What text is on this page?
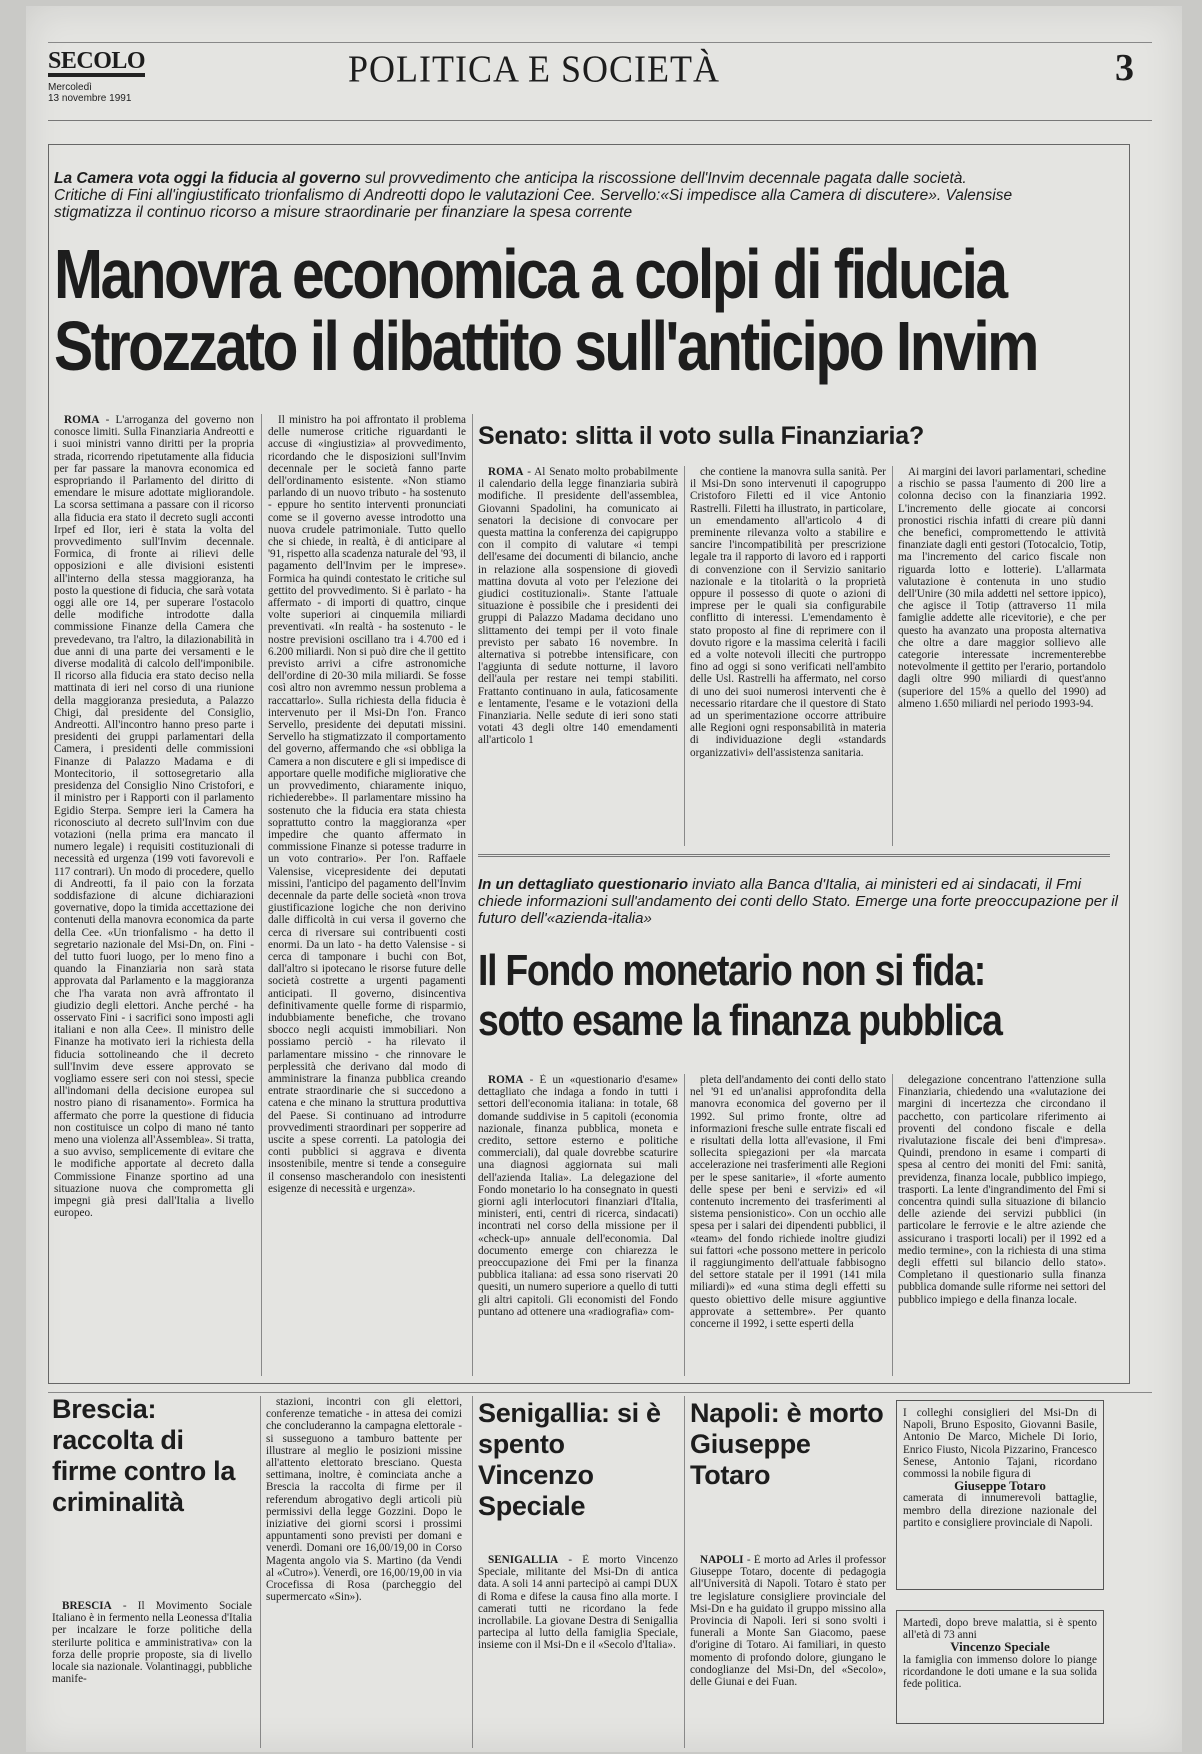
SECOLO
Mercoledì
13 novembre 1991
POLITICA E SOCIETÀ	3
La Camera vota oggi la fiducia al governo sul provvedimento che anticipa la riscossione dell'Invim decennale pagata dalle società. Critiche di Fini all'ingiustificato trionfalismo di Andreotti dopo le valutazioni Cee. Servello:«Si impedisce alla Camera di discutere». Valensise stigmatizza il continuo ricorso a misure straordinarie per finanziare la spesa corrente
Manovra economica a colpi di fiducia
Strozzato il dibattito sull'anticipo Invim

ROMA - L'arroganza del governo non conosce limiti. Sulla Finanziaria Andreotti e i suoi ministri vanno diritti per la propria strada, ricorrendo ripetutamente alla fiducia per far passare la manovra economica ed espropriando il Parlamento del diritto di emendare le misure adottate migliorandole. La scorsa settimana a passare con il ricorso alla fiducia era stato il decreto sugli acconti Irpef ed Ilor, ieri è stata la volta del provvedimento sull'Invim decennale. Formica, di fronte ai rilievi delle opposizioni e alle divisioni esistenti all'interno della stessa maggioranza, ha posto la questione di fiducia, che sarà votata oggi alle ore 14, per superare l'ostacolo delle modifiche introdotte dalla commissione Finanze della Camera che prevedevano, tra l'altro, la dilazionabilità in due anni di una parte dei versamenti e le diverse modalità di calcolo dell'imponibile. Il ricorso alla fiducia era stato deciso nella mattinata di ieri nel corso di una riunione della maggioranza presieduta, a Palazzo Chigi, dal presidente del Consiglio, Andreotti. All'incontro hanno preso parte i presidenti dei gruppi parlamentari della Camera, i presidenti delle commissioni Finanze di Palazzo Madama e di Montecitorio, il sottosegretario alla presidenza del Consiglio Nino Cristofori, e il ministro per i Rapporti con il parlamento Egidio Sterpa. Sempre ieri la Camera ha riconosciuto al decreto sull'Invim con due votazioni (nella prima era mancato il numero legale) i requisiti costituzionali di necessità ed urgenza (199 voti favorevoli e 117 contrari). Un modo di procedere, quello di Andreotti, fa il paio con la forzata soddisfazione di alcune dichiarazioni governative, dopo la timida accettazione dei contenuti della manovra economica da parte della Cee. «Un trionfalismo - ha detto il segretario nazionale del Msi-Dn, on. Fini - del tutto fuori luogo, per lo meno fino a quando la Finanziaria non sarà stata approvata dal Parlamento e la maggioranza che l'ha varata non avrà affrontato il giudizio degli elettori. Anche perché - ha osservato Fini - i sacrifici sono imposti agli italiani e non alla Cee». Il ministro delle Finanze ha motivato ieri la richiesta della fiducia sottolineando che il decreto sull'Invim deve essere approvato se vogliamo essere seri con noi stessi, specie all'indomani della decisione europea sul nostro piano di risanamento». Formica ha affermato che porre la questione di fiducia non costituisce un colpo di mano né tanto meno una violenza all'Assemblea». Si tratta, a suo avviso, semplicemente di evitare che le modifiche apportate al decreto dalla Commissione Finanze sportino ad una situazione nuova che comprometta gli impegni già presi dall'Italia a livello europeo.

Il ministro ha poi affrontato il problema delle numerose critiche riguardanti le accuse di «ingiustizia» al provvedimento, ricordando che le disposizioni sull'Invim decennale per le società fanno parte dell'ordinamento esistente. «Non stiamo parlando di un nuovo tributo - ha sostenuto - eppure ho sentito interventi pronunciati come se il governo avesse introdotto una nuova crudele patrimoniale. Tutto quello che si chiede, in realtà, è di anticipare al '91, rispetto alla scadenza naturale del '93, il pagamento dell'Invim per le imprese». Formica ha quindi contestato le critiche sul gettito del provvedimento. Si è parlato - ha affermato - di importi di quattro, cinque volte superiori ai cinquemila miliardi preventivati. «In realtà - ha sostenuto - le nostre previsioni oscillano tra i 4.700 ed i 6.200 miliardi. Non si può dire che il gettito previsto arrivi a cifre astronomiche dell'ordine di 20-30 mila miliardi. Se fosse così altro non avremmo nessun problema a raccattarlo». Sulla richiesta della fiducia è intervenuto per il Msi-Dn l'on. Franco Servello, presidente dei deputati missini. Servello ha stigmatizzato il comportamento del governo, affermando che «si obbliga la Camera a non discutere e gli si impedisce di apportare quelle modifiche migliorative che un provvedimento, chiaramente iniquo, richiederebbe». Il parlamentare missino ha sostenuto che la fiducia era stata chiesta soprattutto contro la maggioranza «per impedire che quanto affermato in commissione Finanze si potesse tradurre in un voto contrario». Per l'on. Raffaele Valensise, vicepresidente dei deputati missini, l'anticipo del pagamento dell'Invim decennale da parte delle società «non trova giustificazione logiche che non derivino dalle difficoltà in cui versa il governo che cerca di riversare sui contribuenti costi enormi. Da un lato - ha detto Valensise - si cerca di tamponare i buchi con Bot, dall'altro si ipotecano le risorse future delle società costrette a urgenti pagamenti anticipati. Il governo, disincentiva definitivamente quelle forme di risparmio, indubbiamente benefiche, che trovano sbocco negli acquisti immobiliari. Non possiamo perciò - ha rilevato il parlamentare missino - che rinnovare le perplessità che derivano dal modo di amministrare la finanza pubblica creando entrate straordinarie che si succedono a catena e che minano la struttura produttiva del Paese. Si continuano ad introdurre provvedimenti straordinari per sopperire ad uscite a spese correnti. La patologia dei conti pubblici si aggrava e diventa insostenibile, mentre si tende a conseguire il consenso mascherandolo con inesistenti esigenze di necessità e urgenza».

Senato: slitta il voto sulla Finanziaria?

ROMA - Al Senato molto probabilmente il calendario della legge finanziaria subirà modifiche. Il presidente dell'assemblea, Giovanni Spadolini, ha comunicato ai senatori la decisione di convocare per questa mattina la conferenza dei capigruppo con il compito di valutare «i tempi dell'esame dei documenti di bilancio, anche in relazione alla sospensione di giovedì mattina dovuta al voto per l'elezione dei giudici costituzionali». Stante l'attuale situazione è possibile che i presidenti dei gruppi di Palazzo Madama decidano uno slittamento dei tempi per il voto finale previsto per sabato 16 novembre. In alternativa si potrebbe intensificare, con l'aggiunta di sedute notturne, il lavoro dell'aula per restare nei tempi stabiliti. Frattanto continuano in aula, faticosamente e lentamente, l'esame e le votazioni della Finanziaria. Nelle sedute di ieri sono stati votati 43 degli oltre 140 emendamenti all'articolo 1

che contiene la manovra sulla sanità. Per il Msi-Dn sono intervenuti il capogruppo Cristoforo Filetti ed il vice Antonio Rastrelli. Filetti ha illustrato, in particolare, un emendamento all'articolo 4 di preminente rilevanza volto a stabilire e sancire l'incompatibilità per prescrizione legale tra il rapporto di lavoro ed i rapporti di convenzione con il Servizio sanitario nazionale e la titolarità o la proprietà oppure il possesso di quote o azioni di imprese per le quali sia configurabile conflitto di interessi. L'emendamento è stato proposto al fine di reprimere con il dovuto rigore e la massima celerità i facili ed a volte notevoli illeciti che purtroppo fino ad oggi si sono verificati nell'ambito delle Usl. Rastrelli ha affermato, nel corso di uno dei suoi numerosi interventi che è necessario ritardare che il questore di Stato ad un sperimentazione occorre attribuire alle Regioni ogni responsabilità in materia di individuazione degli «standards organizzativi» dell'assistenza sanitaria.

Ai margini dei lavori parlamentari, schedine a rischio se passa l'aumento di 200 lire a colonna deciso con la finanziaria 1992. L'incremento delle giocate ai concorsi pronostici rischia infatti di creare più danni che benefici, compromettendo le attività finanziate dagli enti gestori (Totocalcio, Totip, ma l'incremento del carico fiscale non riguarda lotto e lotterie). L'allarmata valutazione è contenuta in uno studio dell'Unire (30 mila addetti nel settore ippico), che agisce il Totip (attraverso 11 mila famiglie addette alle ricevitorie), e che per questo ha avanzato una proposta alternativa che oltre a dare maggior sollievo alle categorie interessate incrementerebbe notevolmente il gettito per l'erario, portandolo dagli oltre 990 miliardi di quest'anno (superiore del 15% a quello del 1990) ad almeno 1.650 miliardi nel periodo 1993-94.

In un dettagliato questionario inviato alla Banca d'Italia, ai ministeri ed ai sindacati, il Fmi chiede informazioni sull'andamento dei conti dello Stato. Emerge una forte preoccupazione per il futuro dell'«azienda-italia»
Il Fondo monetario non si fida:
sotto esame la finanza pubblica

ROMA - È un «questionario d'esame» dettagliato che indaga a fondo in tutti i settori dell'economia italiana: in totale, 68 domande suddivise in 5 capitoli (economia nazionale, finanza pubblica, moneta e credito, settore esterno e politiche commerciali), dal quale dovrebbe scaturire una diagnosi aggiornata sui mali dell'azienda Italia». La delegazione del Fondo monetario lo ha consegnato in questi giorni agli interlocutori finanziari d'Italia, ministeri, enti, centri di ricerca, sindacati) incontrati nel corso della missione per il «check-up» annuale dell'economia. Dal documento emerge con chiarezza le preoccupazione dei Fmi per la finanza pubblica italiana: ad essa sono riservati 20 quesiti, un numero superiore a quello di tutti gli altri capitoli. Gli economisti del Fondo puntano ad ottenere una «radiografia» com-

pleta dell'andamento dei conti dello stato nel '91 ed un'analisi approfondita della manovra economica del governo per il 1992. Sul primo fronte, oltre ad informazioni fresche sulle entrate fiscali ed e risultati della lotta all'evasione, il Fmi sollecita spiegazioni per «la marcata accelerazione nei trasferimenti alle Regioni per le spese sanitarie», il «forte aumento delle spese per beni e servizi» ed «il contenuto incremento dei trasferimenti al sistema pensionistico». Con un occhio alle spesa per i salari dei dipendenti pubblici, il «team» del fondo richiede inoltre giudizi sui fattori «che possono mettere in pericolo il raggiungimento dell'attuale fabbisogno del settore statale per il 1991 (141 mila miliardi)» ed «una stima degli effetti su questo obiettivo delle misure aggiuntive approvate a settembre». Per quanto concerne il 1992, i sette esperti della

delegazione concentrano l'attenzione sulla Finanziaria, chiedendo una «valutazione dei margini di incertezza che circondano il pacchetto, con particolare riferimento ai proventi del condono fiscale e della rivalutazione fiscale dei beni d'impresa». Quindi, prendono in esame i comparti di spesa al centro dei moniti del Fmi: sanità, previdenza, finanza locale, pubblico impiego, trasporti. La lente d'ingrandimento del Fmi si concentra quindi sulla situazione di bilancio delle aziende dei servizi pubblici (in particolare le ferrovie e le altre aziende che assicurano i trasporti locali) per il 1992 ed a medio termine», con la richiesta di una stima degli effetti sul bilancio dello stato». Completano il questionario sulla finanza pubblica domande sulle riforme nei settori del pubblico impiego e della finanza locale.

Brescia: raccolta di firme contro la criminalità

BRESCIA - Il Movimento Sociale Italiano è in fermento nella Leonessa d'Italia per incalzare le forze politiche della sterilurte politica e amministrativa» con la forza delle proprie proposte, sia di livello locale sia nazionale. Volantinaggi, pubbliche manife-

stazioni, incontri con gli elettori, conferenze tematiche - in attesa dei comizi che concluderanno la campagna elettorale - si susseguono a tamburo battente per illustrare al meglio le posizioni missine all'attento elettorato bresciano. Questa settimana, inoltre, è cominciata anche a Brescia la raccolta di firme per il referendum abrogativo degli articoli più permissivi della legge Gozzini. Dopo le iniziative dei giorni scorsi i prossimi appuntamenti sono previsti per domani e venerdì. Domani ore 16,00/19,00 in Corso Magenta angolo via S. Martino (da Vendi al «Cutro»). Venerdì, ore 16,00/19,00 in via Crocefissa di Rosa (parcheggio del supermercato «Sin»).

Senigallia: si è spento Vincenzo Speciale

SENIGALLIA - È morto Vincenzo Speciale, militante del Msi-Dn di antica data. A soli 14 anni partecipò ai campi DUX di Roma e difese la causa fino alla morte. I camerati tutti ne ricordano la fede incrollabile. La giovane Destra di Senigallia partecipa al lutto della famiglia Speciale, insieme con il Msi-Dn e il «Secolo d'Italia».

Napoli: è morto Giuseppe Totaro

NAPOLI - È morto ad Arles il professor Giuseppe Totaro, docente di pedagogia all'Università di Napoli. Totaro è stato per tre legislature consigliere provinciale del Msi-Dn e ha guidato il gruppo missino alla Provincia di Napoli. Ieri si sono svolti i funerali a Monte San Giacomo, paese d'origine di Totaro. Ai familiari, in questo momento di profondo dolore, giungano le condoglianze del Msi-Dn, del «Secolo», delle Giunai e dei Fuan.

I colleghi consiglieri del Msi-Dn di Napoli, Bruno Esposito, Giovanni Basile, Antonio De Marco, Michele Di Iorio, Enrico Fiusto, Nicola Pizzarino, Francesco Senese, Antonio Tajani, ricordano commossi la nobile figura di

Giuseppe Totaro

camerata di innumerevoli battaglie, membro della direzione nazionale del partito e consigliere provinciale di Napoli.

Martedì, dopo breve malattia, si è spento all'età di 73 anni

Vincenzo Speciale

la famiglia con immenso dolore lo piange ricordandone le doti umane e la sua solida fede politica.
